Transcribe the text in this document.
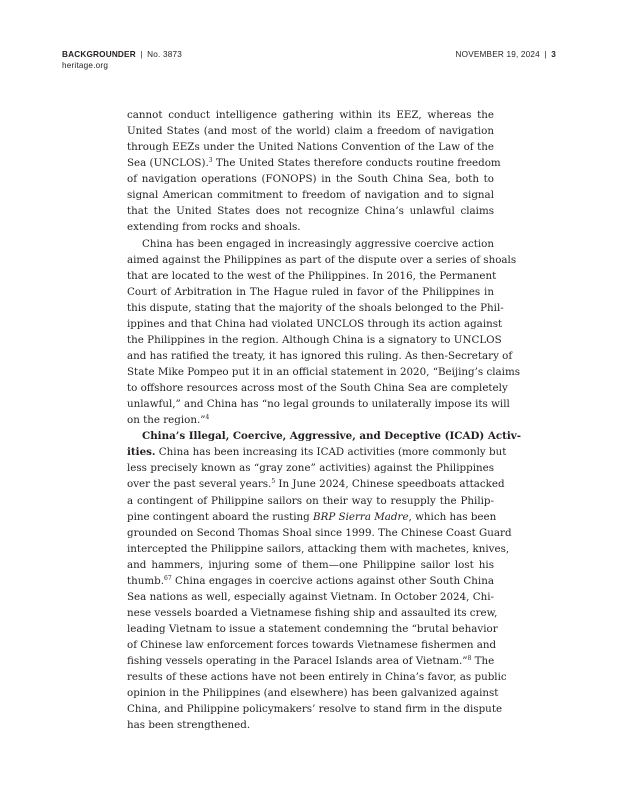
BACKGROUNDER | No. 3873
heritage.org
NOVEMBER 19, 2024 | 3
cannot conduct intelligence gathering within its EEZ, whereas the
United States (and most of the world) claim a freedom of navigation
through EEZs under the United Nations Convention of the Law of the
Sea (UNCLOS).$^3$ The United States therefore conducts routine freedom
of navigation operations (FONOPS) in the South China Sea, both to
signal American commitment to freedom of navigation and to signal
that the United States does not recognize China’s unlawful claims
extending from rocks and shoals.
China has been engaged in increasingly aggressive coercive action
aimed against the Philippines as part of the dispute over a series of shoals
that are located to the west of the Philippines. In 2016, the Permanent
Court of Arbitration in The Hague ruled in favor of the Philippines in
this dispute, stating that the majority of the shoals belonged to the Phil-
ippines and that China had violated UNCLOS through its action against
the Philippines in the region. Although China is a signatory to UNCLOS
and has ratified the treaty, it has ignored this ruling. As then-Secretary of
State Mike Pompeo put it in an official statement in 2020, “Beijing’s claims
to offshore resources across most of the South China Sea are completely
unlawful,” and China has “no legal grounds to unilaterally impose its will
on the region.”$^4$
China’s Illegal, Coercive, Aggressive, and Deceptive (ICAD) Activ-
ities. China has been increasing its ICAD activities (more commonly but
less precisely known as “gray zone” activities) against the Philippines
over the past several years.$^5$ In June 2024, Chinese speedboats attacked
a contingent of Philippine sailors on their way to resupply the Philip-
pine contingent aboard the rusting BRP Sierra Madre, which has been
grounded on Second Thomas Shoal since 1999. The Chinese Coast Guard
intercepted the Philippine sailors, attacking them with machetes, knives,
and hammers, injuring some of them—one Philippine sailor lost his
thumb.$^{67}$ China engages in coercive actions against other South China
Sea nations as well, especially against Vietnam. In October 2024, Chi-
nese vessels boarded a Vietnamese fishing ship and assaulted its crew,
leading Vietnam to issue a statement condemning the “brutal behavior
of Chinese law enforcement forces towards Vietnamese fishermen and
fishing vessels operating in the Paracel Islands area of Vietnam.”$^8$ The
results of these actions have not been entirely in China’s favor, as public
opinion in the Philippines (and elsewhere) has been galvanized against
China, and Philippine policymakers’ resolve to stand firm in the dispute
has been strengthened.
